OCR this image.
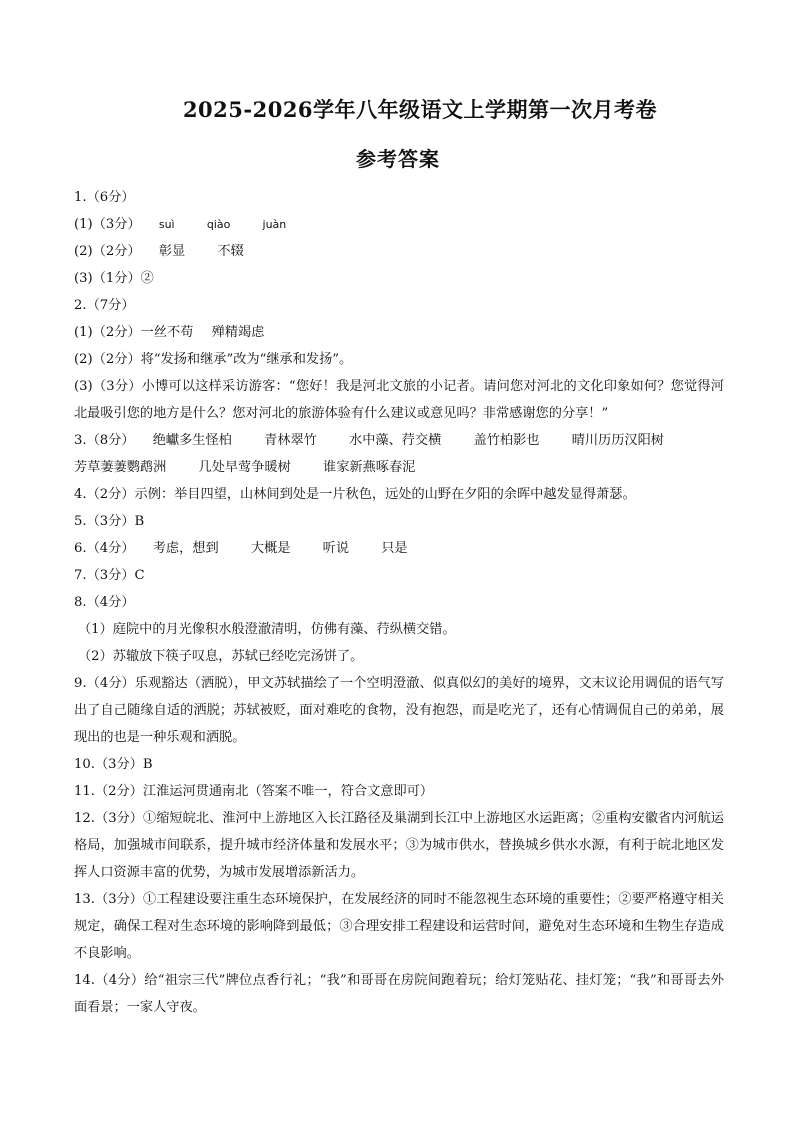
2025-2026学年八年级语文上学期第一次月考卷
参考答案
1.（6分）
(1)（3分） suì	qiào	juàn
(2)（2分） 彰显 不辍
(3)（1分）②
2.（7分）
(1)（2分）一丝不苟 殚精竭虑
(2)（2分）将“发扬和继承”改为“继承和发扬”。
(3)（3分）小博可以这样采访游客：“您好！我是河北文旅的小记者。请问您对河北的文化印象如何？您觉得河北最吸引您的地方是什么？您对河北的旅游体验有什么建议或意见吗？非常感谢您的分享！”
3.（8分） 绝巘多生怪柏 青林翠竹 水中藻、荇交横 盖竹柏影也 晴川历历汉阳树
芳草萋萋鹦鹉洲 几处早莺争暖树 谁家新燕啄春泥
4.（2分）示例：举目四望，山林间到处是一片秋色，远处的山野在夕阳的余晖中越发显得萧瑟。
5.（3分）B
6.（4分） 考虑，想到 大概是 听说 只是
7.（3分）C
8.（4分）
（1）庭院中的月光像积水般澄澈清明，仿佛有藻、荇纵横交错。
（2）苏辙放下筷子叹息，苏轼已经吃完汤饼了。
9.（4分）乐观豁达（洒脱），甲文苏轼描绘了一个空明澄澈、似真似幻的美好的境界，文末议论用调侃的语气写出了自己随缘自适的洒脱；苏轼被贬，面对难吃的食物，没有抱怨，而是吃光了，还有心情调侃自己的弟弟，展现出的也是一种乐观和洒脱。
10.（3分）B
11.（2分）江淮运河贯通南北（答案不唯一，符合文意即可）
12.（3分）①缩短皖北、淮河中上游地区入长江路径及巢湖到长江中上游地区水运距离；②重构安徽省内河航运格局，加强城市间联系，提升城市经济体量和发展水平；③为城市供水，替换城乡供水水源，有利于皖北地区发挥人口资源丰富的优势，为城市发展增添新活力。
13.（3分）①工程建设要注重生态环境保护，在发展经济的同时不能忽视生态环境的重要性；②要严格遵守相关规定，确保工程对生态环境的影响降到最低；③合理安排工程建设和运营时间，避免对生态环境和生物生存造成不良影响。
14.（4分）给“祖宗三代”牌位点香行礼；“我”和哥哥在房院间跑着玩；给灯笼贴花、挂灯笼；“我”和哥哥去外面看景；一家人守夜。
